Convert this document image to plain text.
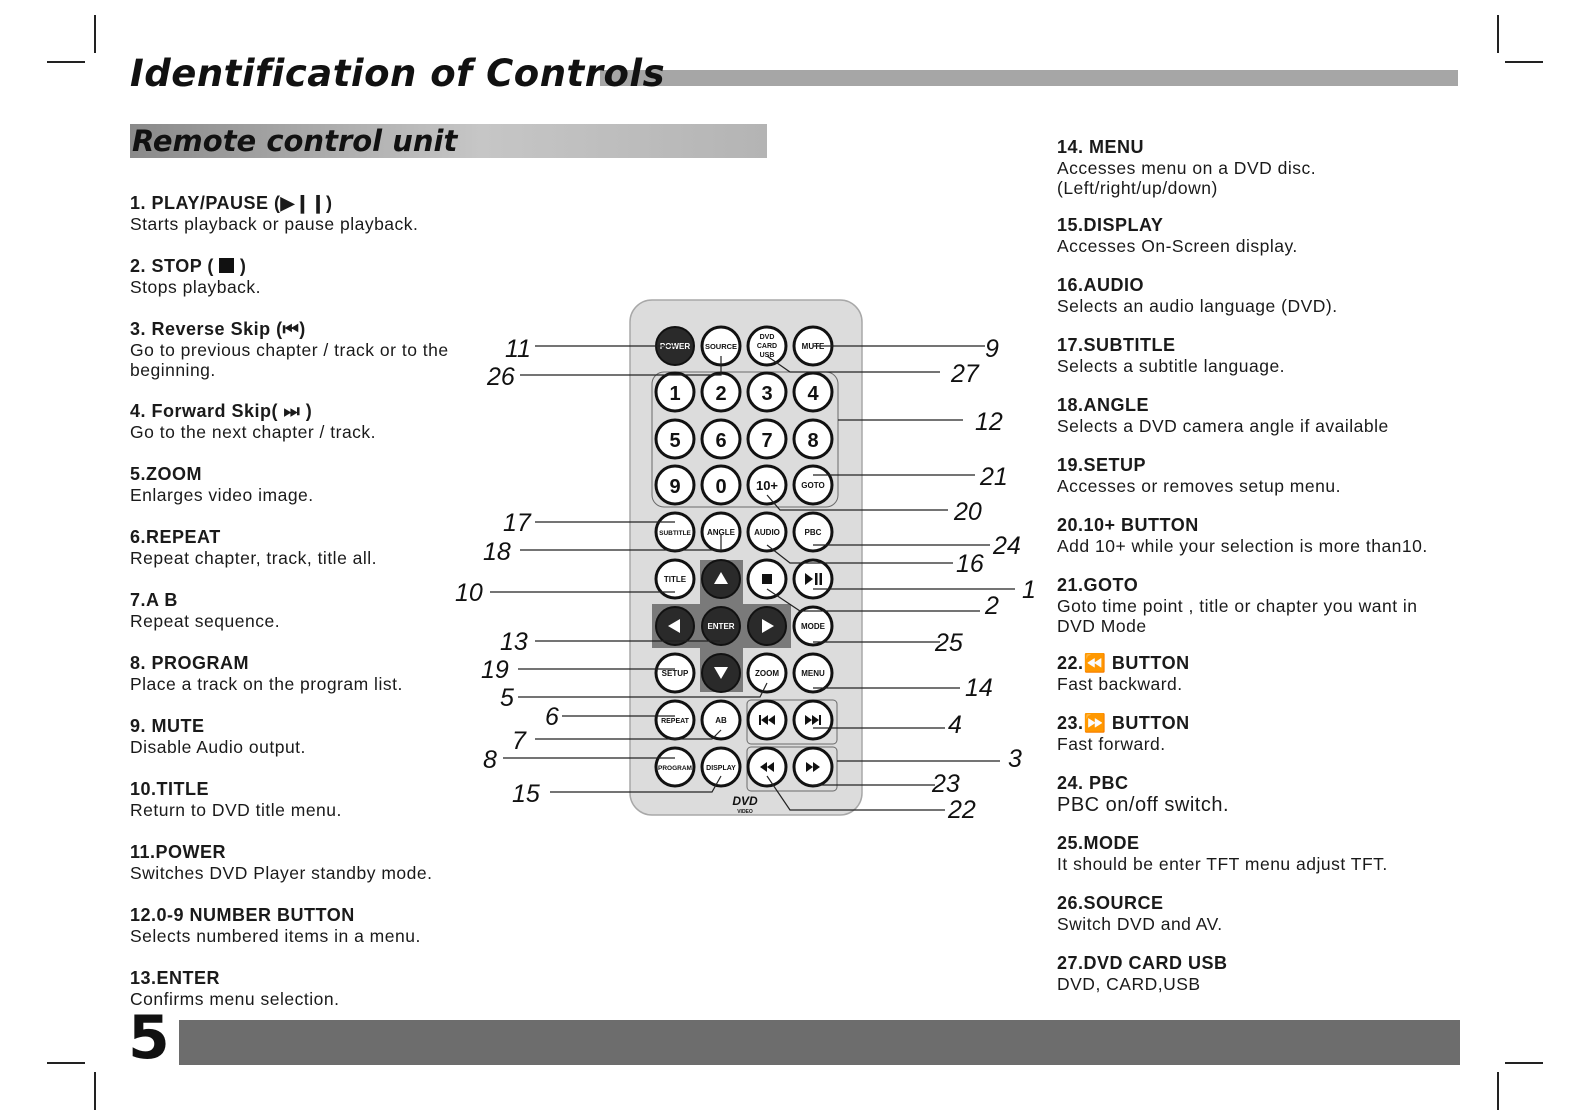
Identification of Controls
Remote control unit
1. PLAY/PAUSE (▶❙❙)
Starts playback or pause playback.
2. STOP (  )
Stops playback.
3. Reverse Skip (⏮)
Go to previous chapter / track or to the beginning.
4. Forward Skip( ⏭ )
Go to the next chapter / track.
5.ZOOM
Enlarges video image.
6.REPEAT
Repeat chapter, track, title all.
7.A B
Repeat sequence.
8. PROGRAM
Place a track on the program list.
9. MUTE
Disable Audio output.
10.TITLE
Return to DVD title menu.
11.POWER
Switches DVD Player standby mode.
12.0-9 NUMBER BUTTON
Selects numbered items in a menu.
13.ENTER
Confirms menu selection.
14. MENU
Accesses menu on a DVD disc.
(Left/right/up/down)
15.DISPLAY
Accesses On-Screen display.
16.AUDIO
Selects an audio language (DVD).
17.SUBTITLE
Selects a subtitle language.
18.ANGLE
Selects a DVD camera angle if available
19.SETUP
Accesses or removes setup menu.
20.10+ BUTTON
Add 10+ while your selection is more than10.
21.GOTO
Goto time point , title or chapter you want in
DVD Mode
22.⏪ BUTTON
Fast backward.
23.⏩ BUTTON
Fast forward.
24. PBC
PBC on/off switch.
25.MODE
It should be enter TFT menu adjust TFT.
26.SOURCE
Switch DVD and AV.
27.DVD CARD USB
DVD, CARD,USB
POWER SOURCE
DVD
CARD
USB
MUTE
1 2 3 4
5 6 7 8
9 0 10+	GOTO
SUBTITLE ANGLE AUDIO	PBC
TITLE
ENTER	MODE
SETUP	ZOOM	MENU
REPEAT	AB
PROGRAM DISPLAY
DVD
VIDEO
11
26
17
18
10
13
19
5
6
7
8
15
9
27
12
21
20
24
16
1
2
25
14
4
3
23
22
5
